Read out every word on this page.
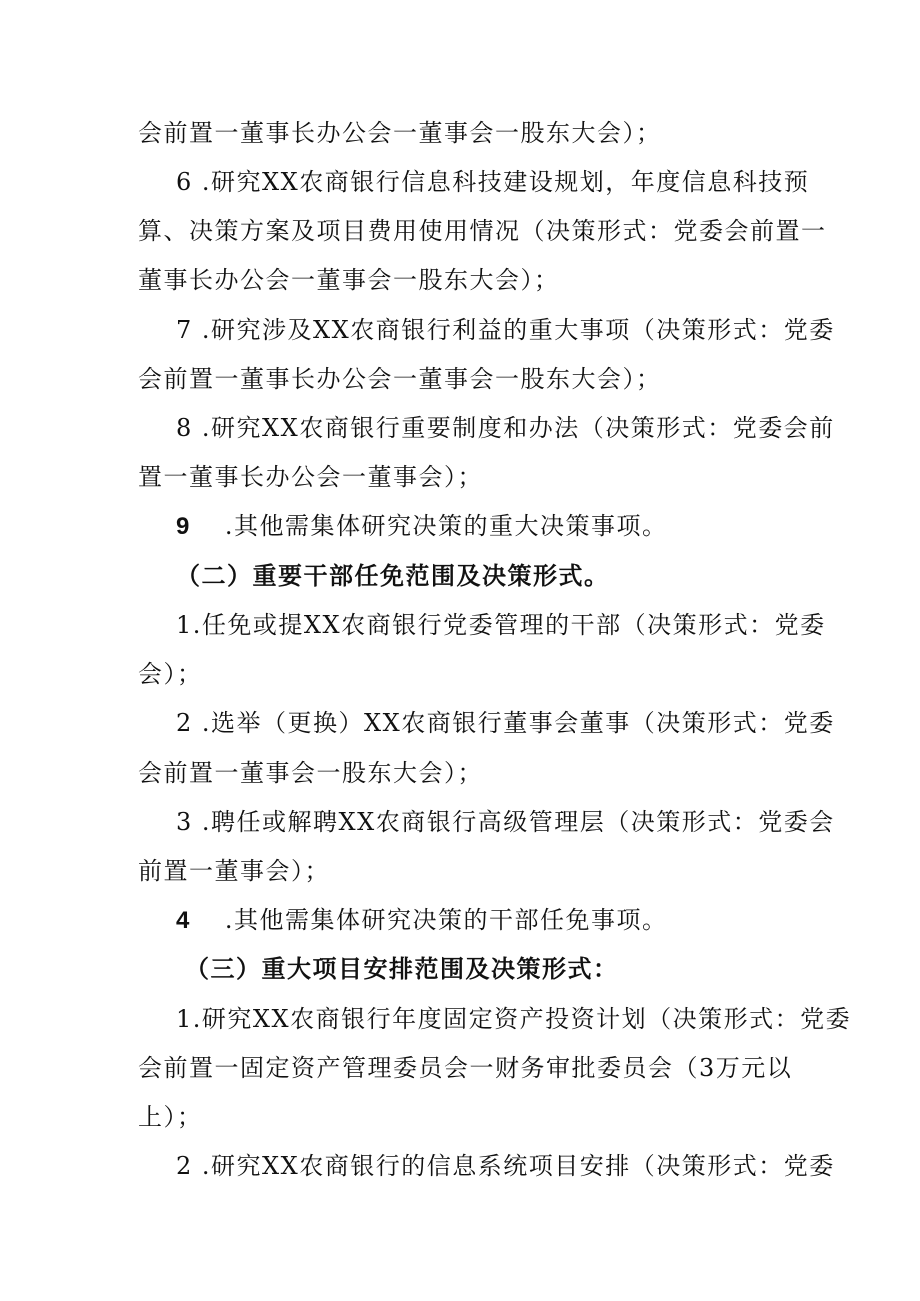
会前置一董事长办公会一董事会一股东大会）；
6 .研究XX农商银行信息科技建设规划，年度信息科技预
算、决策方案及项目费用使用情况（决策形式：党委会前置一
董事长办公会一董事会一股东大会）；
7 .研究涉及XX农商银行利益的重大事项（决策形式：党委
会前置一董事长办公会一董事会一股东大会）；
8 .研究XX农商银行重要制度和办法（决策形式：党委会前
置一董事长办公会一董事会）；
9 .其他需集体研究决策的重大决策事项。
（二）重要干部任免范围及决策形式。
1.任免或提XX农商银行党委管理的干部（决策形式：党委
会）；
2 .选举（更换）XX农商银行董事会董事（决策形式：党委
会前置一董事会一股东大会）；
3 .聘任或解聘XX农商银行高级管理层（决策形式：党委会
前置一董事会）；
4 .其他需集体研究决策的干部任免事项。
（三）重大项目安排范围及决策形式：
1.研究XX农商银行年度固定资产投资计划（决策形式：党委
会前置一固定资产管理委员会一财务审批委员会（3万元以
上）；
2 .研究XX农商银行的信息系统项目安排（决策形式：党委
